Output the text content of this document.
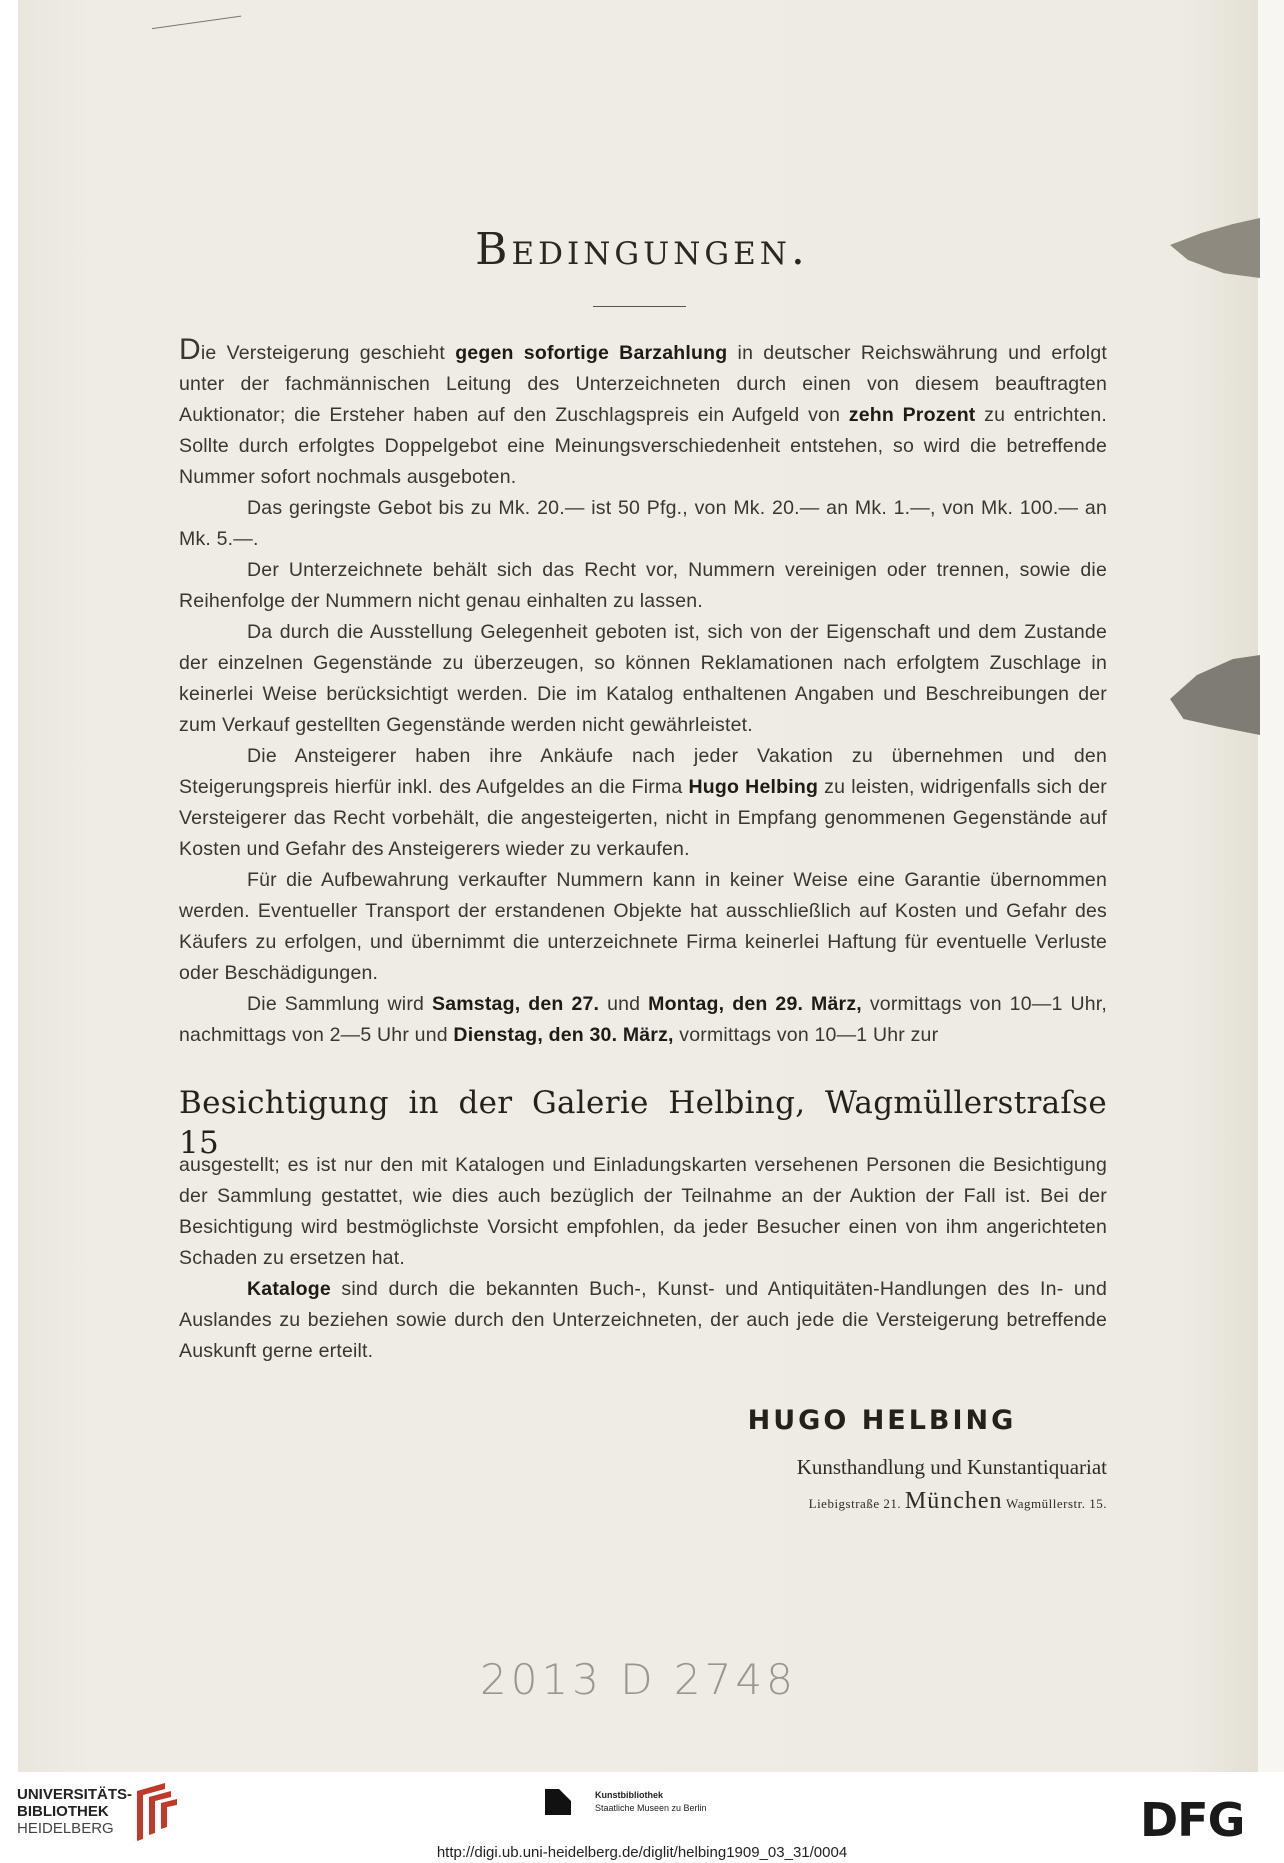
Bedingungen.

Die Versteigerung geschieht gegen sofortige Barzahlung in deutscher Reichswährung und erfolgt unter der fachmännischen Leitung des Unterzeichneten durch einen von diesem beauftragten Auktionator; die Ersteher haben auf den Zuschlagspreis ein Aufgeld von zehn Prozent zu entrichten. Sollte durch erfolgtes Doppelgebot eine Meinungsverschiedenheit entstehen, so wird die betreffende Nummer sofort nochmals ausgeboten.

Das geringste Gebot bis zu Mk. 20.— ist 50 Pfg., von Mk. 20.— an Mk. 1.—, von Mk. 100.— an Mk. 5.—.

Der Unterzeichnete behält sich das Recht vor, Nummern vereinigen oder trennen, sowie die Reihenfolge der Nummern nicht genau einhalten zu lassen.

Da durch die Ausstellung Gelegenheit geboten ist, sich von der Eigenschaft und dem Zustande der einzelnen Gegenstände zu überzeugen, so können Reklamationen nach erfolgtem Zuschlage in keinerlei Weise berücksichtigt werden. Die im Katalog enthaltenen Angaben und Beschreibungen der zum Verkauf gestellten Gegenstände werden nicht gewährleistet.

Die Ansteigerer haben ihre Ankäufe nach jeder Vakation zu übernehmen und den Steigerungspreis hierfür inkl. des Aufgeldes an die Firma Hugo Helbing zu leisten, widrigenfalls sich der Versteigerer das Recht vorbehält, die angesteigerten, nicht in Empfang genommenen Gegenstände auf Kosten und Gefahr des Ansteigerers wieder zu verkaufen.

Für die Aufbewahrung verkaufter Nummern kann in keiner Weise eine Garantie übernommen werden. Eventueller Transport der erstandenen Objekte hat ausschließlich auf Kosten und Gefahr des Käufers zu erfolgen, und übernimmt die unterzeichnete Firma keinerlei Haftung für eventuelle Verluste oder Beschädigungen.

Die Sammlung wird Samstag, den 27. und Montag, den 29. März, vormittags von 10—1 Uhr, nachmittags von 2—5 Uhr und Dienstag, den 30. März, vormittags von 10—1 Uhr zur

Besichtigung in der Galerie Helbing, Wagmüllerstraſse 15

ausgestellt; es ist nur den mit Katalogen und Einladungskarten versehenen Personen die Besichtigung der Sammlung gestattet, wie dies auch bezüglich der Teilnahme an der Auktion der Fall ist. Bei der Besichtigung wird bestmöglichste Vorsicht empfohlen, da jeder Besucher einen von ihm angerichteten Schaden zu ersetzen hat.

Kataloge sind durch die bekannten Buch-, Kunst- und Antiquitäten-Handlungen des In- und Auslandes zu beziehen sowie durch den Unterzeichneten, der auch jede die Versteigerung betreffende Auskunft gerne erteilt.

HUGO HELBING
Kunsthandlung und Kunstantiquariat
Liebigstraße 21. München Wagmüllerstr. 15.
2013 D 2748
UNIVERSITÄTS-
BIBLIOTHEK
HEIDELBERG
Kunstbibliothek
Staatliche Museen zu Berlin	DFG
http://digi.ub.uni-heidelberg.de/diglit/helbing1909_03_31/0004
